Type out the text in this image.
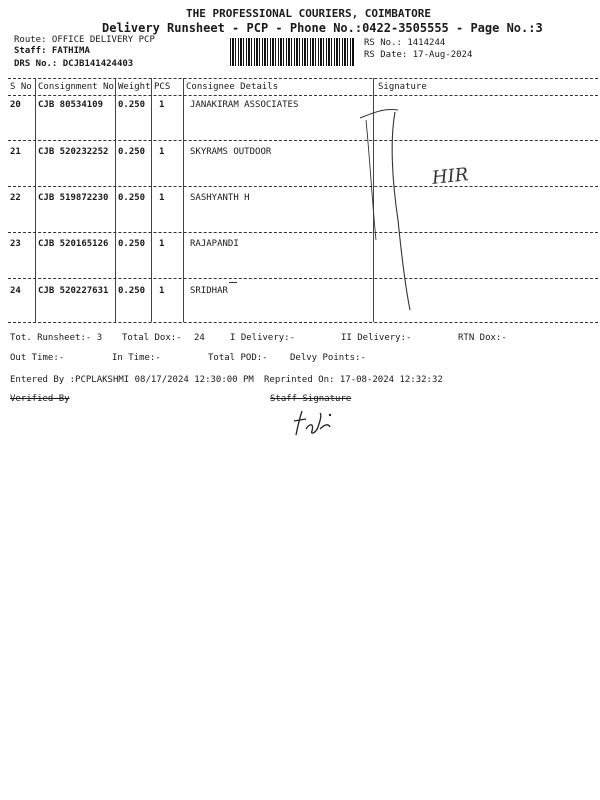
THE PROFESSIONAL COURIERS, COIMBATORE
Delivery Runsheet - PCP - Phone No.:0422-3505555 - Page No.:3
Route: OFFICE DELIVERY PCP
Staff: FATHIMA
DRS No.: DCJB141424403
RS No.: 1414244
RS Date: 17-Aug-2024
S No Consignment No Weight PCS Consignee Details	Signature
20 CJB 80534109 0.250 1	JANAKIRAM ASSOCIATES
21 CJB 520232252 0.250 1	SKYRAMS OUTDOOR
22 CJB 519872230 0.250 1	SASHYANTH H
23 CJB 520165126 0.250 1	RAJAPANDI
24 CJB 520227631 0.250 1	SRIDHAR
HIR
Tot. Runsheet:- 3 Total Dox:- 24	I Delivery:-	II Delivery:-	RTN Dox:-
Out Time:-	In Time:-	Total POD:- Delvy Points:-
Entered By :PCPLAKSHMI 08/17/2024 12:30:00 PM Reprinted On: 17-08-2024 12:32:32
Verified By	Staff Signature
